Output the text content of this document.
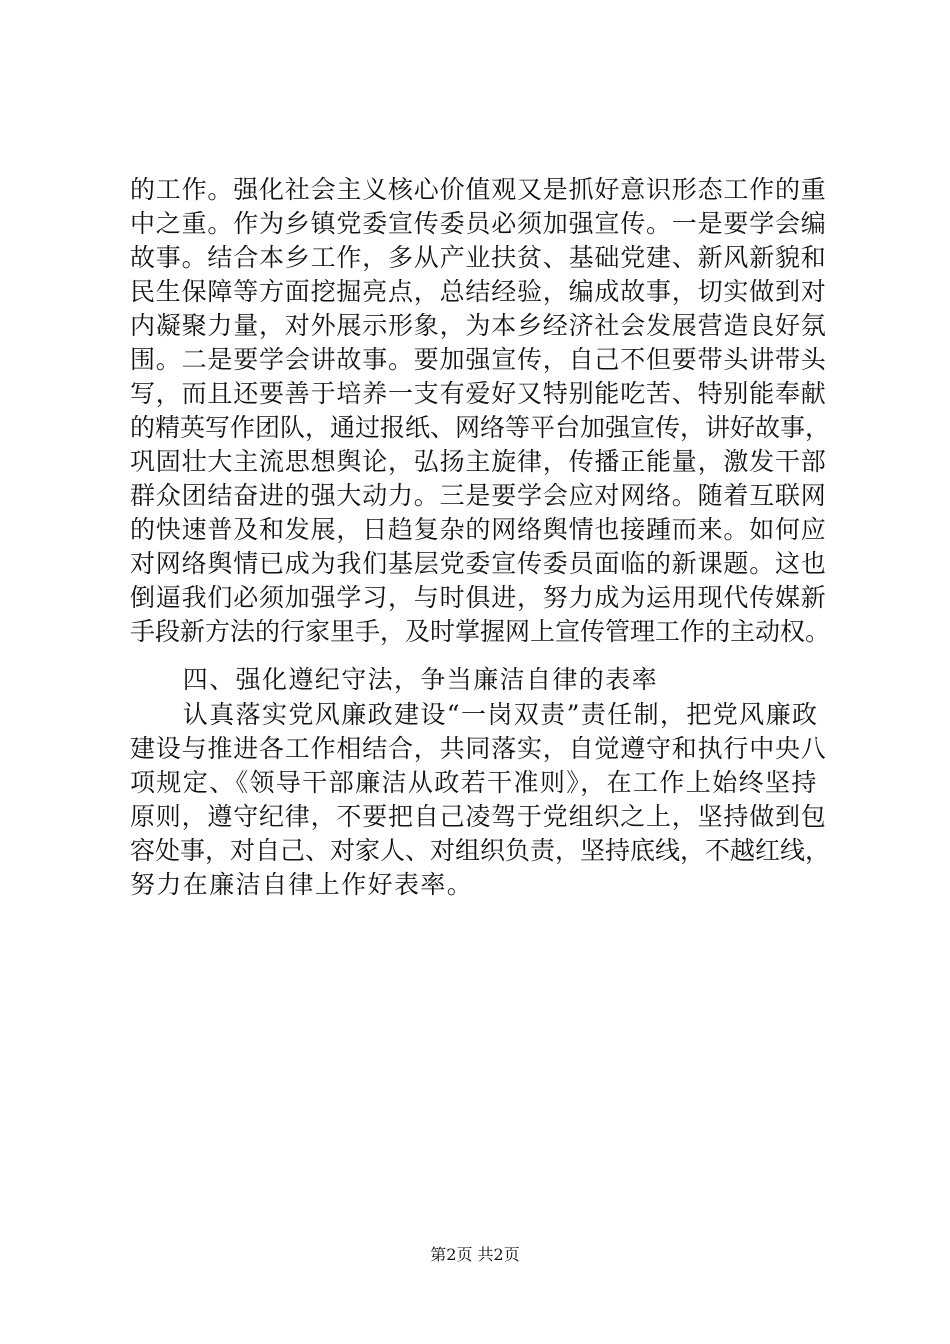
的工作。强化社会主义核心价值观又是抓好意识形态工作的重
中之重。作为乡镇党委宣传委员必须加强宣传。一是要学会编
故事。结合本乡工作，多从产业扶贫、基础党建、新风新貌和
民生保障等方面挖掘亮点，总结经验，编成故事，切实做到对
内凝聚力量，对外展示形象，为本乡经济社会发展营造良好氛
围。二是要学会讲故事。要加强宣传，自己不但要带头讲带头
写，而且还要善于培养一支有爱好又特别能吃苦、特别能奉献
的精英写作团队，通过报纸、网络等平台加强宣传，讲好故事，
巩固壮大主流思想舆论，弘扬主旋律，传播正能量，激发干部
群众团结奋进的强大动力。三是要学会应对网络。随着互联网
的快速普及和发展，日趋复杂的网络舆情也接踵而来。如何应
对网络舆情已成为我们基层党委宣传委员面临的新课题。这也
倒逼我们必须加强学习，与时俱进，努力成为运用现代传媒新
手段新方法的行家里手，及时掌握网上宣传管理工作的主动权。
　　四、强化遵纪守法，争当廉洁自律的表率
　　认真落实党风廉政建设“一岗双责”责任制，把党风廉政
建设与推进各工作相结合，共同落实，自觉遵守和执行中央八
项规定、《领导干部廉洁从政若干准则》，在工作上始终坚持
原则，遵守纪律，不要把自己凌驾于党组织之上，坚持做到包
容处事，对自己、对家人、对组织负责，坚持底线，不越红线，
努力在廉洁自律上作好表率。
第2页 共2页
